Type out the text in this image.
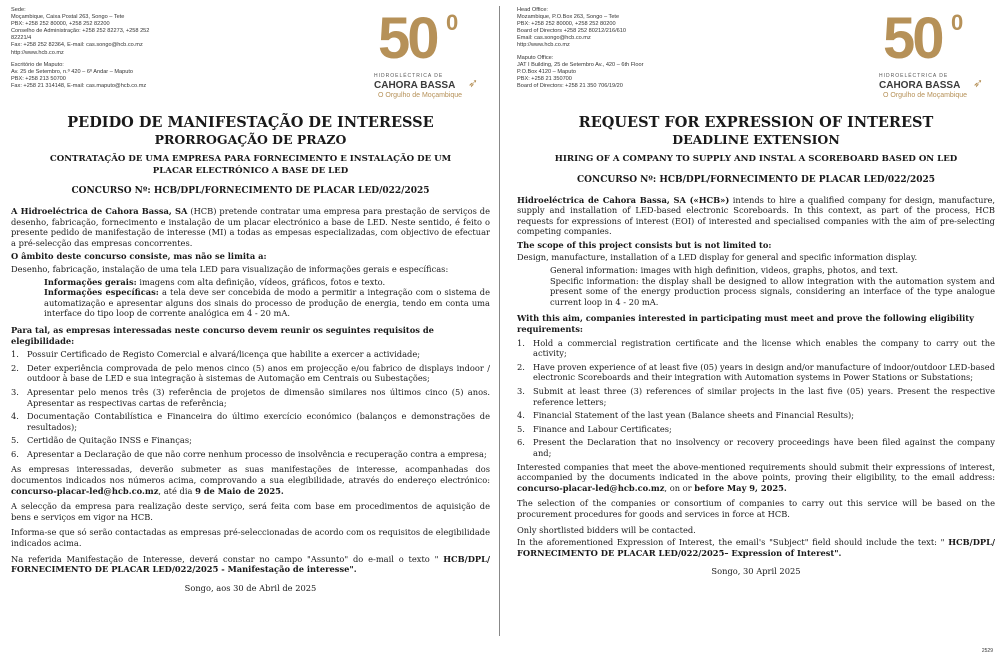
Sede:
Moçambique, Caixa Postal 263, Songo – Tete
PBX: +258 252 80000, +258 252 82200
Conselho de Administração: +258 252 82273, +258 252
82221/4
Fax: +258 252 82364, E-mail: cas.songo@hcb.co.mz
http://www.hcb.co.mz
Escritório de Maputo:
Av. 25 de Setembro, n.º 420 – 6º Andar – Maputo
PBX: +258 213 50700
Fax: +258 21 314148, E-mail: cas.maputo@hcb.co.mz
50 0
HIDROELÉCTRICA DE
CAHORA BASSA ➶
O Orgulho de Moçambique
PEDIDO DE MANIFESTAÇÃO DE INTERESSE
PRORROGAÇÃO DE PRAZO
CONTRATAÇÃO DE UMA EMPRESA PARA FORNECIMENTO E INSTALAÇÃO DE UM PLACAR ELECTRÓNICO A BASE DE LED
CONCURSO Nº: HCB/DPL/FORNECIMENTO DE PLACAR LED/022/2025

A Hidroeléctrica de Cahora Bassa, SA (HCB) pretende contratar uma empresa para prestação de serviços de desenho, fabricação, fornecimento e instalação de um placar electrónico a base de LED. Neste sentido, é feito o presente pedido de manifestação de interesse (MI) a todas as empesas especializadas, com objectivo de efectuar a pré-selecção das empresas concorrentes.

O âmbito deste concurso consiste, mas não se limita a:

Desenho, fabricação, instalação de uma tela LED para visualização de informações gerais e específicas:

Informações gerais: imagens com alta definição, vídeos, gráficos, fotos e texto.

Informações específicas: a tela deve ser concebida de modo a permitir a integração com o sistema de automatização e apresentar alguns dos sinais do processo de produção de energia, tendo em conta uma interface do tipo loop de corrente analógica em 4 - 20 mA.

Para tal, as empresas interessadas neste concurso devem reunir os seguintes requisitos de elegibilidade:
1. Possuir Certificado de Registo Comercial e alvará/licença que habilite a exercer a actividade;
2. Deter experiência comprovada de pelo menos cinco (5) anos em projecção e/ou fabrico de displays indoor / outdoor à base de LED e sua integração à sistemas de Automação em Centrais ou Subestações;
3. Apresentar pelo menos três (3) referência de projetos de dimensão similares nos últimos cinco (5) anos. Apresentar as respectivas cartas de referência;
4. Documentação Contabilística e Financeira do último exercício económico (balanços e demonstrações de resultados);
5. Certidão de Quitação INSS e Finanças;
6. Apresentar a Declaração de que não corre nenhum processo de insolvência e recuperação contra a empresa;

As empresas interessadas, deverão submeter as suas manifestações de interesse, acompanhadas dos documentos indicados nos números acima, comprovando a sua elegibilidade, através do endereço electrónico: concurso-placar-led@hcb.co.mz, até dia 9 de Maio de 2025.

A selecção da empresa para realização deste serviço, será feita com base em procedimentos de aquisição de bens e serviços em vigor na HCB.

Informa-se que só serão contactadas as empresas pré-seleccionadas de acordo com os requisitos de elegibilidade indicados acima.

Na referida Manifestação de Interesse, deverá constar no campo "Assunto" do e-mail o texto " HCB/DPL/ FORNECIMENTO DE PLACAR LED/022/2025 - Manifestação de interesse".

Songo, aos 30 de Abril de 2025
Head Office:
Mozambique, P.O.Box 263, Songo – Tete
PBX: +258 252 80000, +258 252 80200
Board of Directors +258 252 80212/216/610
Email: cas.songo@hcb.co.mz
http://www.hcb.co.mz
Maputo Office:
JAT I Building, 25 de Setembro Av., 420 – 6th Floor
P.O.Box 4120 – Maputo
PBX: +258 21 350700
Board of Directors: +258 21 350 706/19/20
50 0
HIDROELÉCTRICA DE
CAHORA BASSA ➶
O Orgulho de Moçambique
REQUEST FOR EXPRESSION OF INTEREST
DEADLINE EXTENSION
HIRING OF A COMPANY TO SUPPLY AND INSTAL A SCOREBOARD BASED ON LED
CONCURSO Nº: HCB/DPL/FORNECIMENTO DE PLACAR LED/022/2025

Hidroeléctrica de Cahora Bassa, SA («HCB») intends to hire a qualified company for design, manufacture, supply and installation of LED-based electronic Scoreboards. In this context, as part of the process, HCB requests for expressions of interest (EOI) of interested and specialised companies with the aim of pre-selecting competing companies.

The scope of this project consists but is not limited to:

Design, manufacture, installation of a LED display for general and specific information display.

General information: images with high definition, videos, graphs, photos, and text.

Specific information: the display shall be designed to allow integration with the automation system and present some of the energy production process signals, considering an interface of the type analogue current loop in 4 - 20 mA.

With this aim, companies interested in participating must meet and prove the following eligibility requirements:
1. Hold a commercial registration certificate and the license which enables the company to carry out the activity;
2. Have proven experience of at least five (05) years in design and/or manufacture of indoor/outdoor LED-based electronic Scoreboards and their integration with Automation systems in Power Stations or Substations;
3. Submit at least three (3) references of similar projects in the last five (05) years. Present the respective reference letters;
4. Financial Statement of the last yean (Balance sheets and Financial Results);
5. Finance and Labour Certificates;
6. Present the Declaration that no insolvency or recovery proceedings have been filed against the company and;

Interested companies that meet the above-mentioned requirements should submit their expressions of interest, accompanied by the documents indicated in the above points, proving their eligibility, to the email address: concurso-placar-led@hcb.co.mz, on or before May 9, 2025.

The selection of the companies or consortium of companies to carry out this service will be based on the procurement procedures for goods and services in force at HCB.

Only shortlisted bidders will be contacted.

In the aforementioned Expression of Interest, the email's "Subject" field should include the text: " HCB/DPL/ FORNECIMENTO DE PLACAR LED/022/2025– Expression of Interest".

Songo, 30 April 2025
2529
